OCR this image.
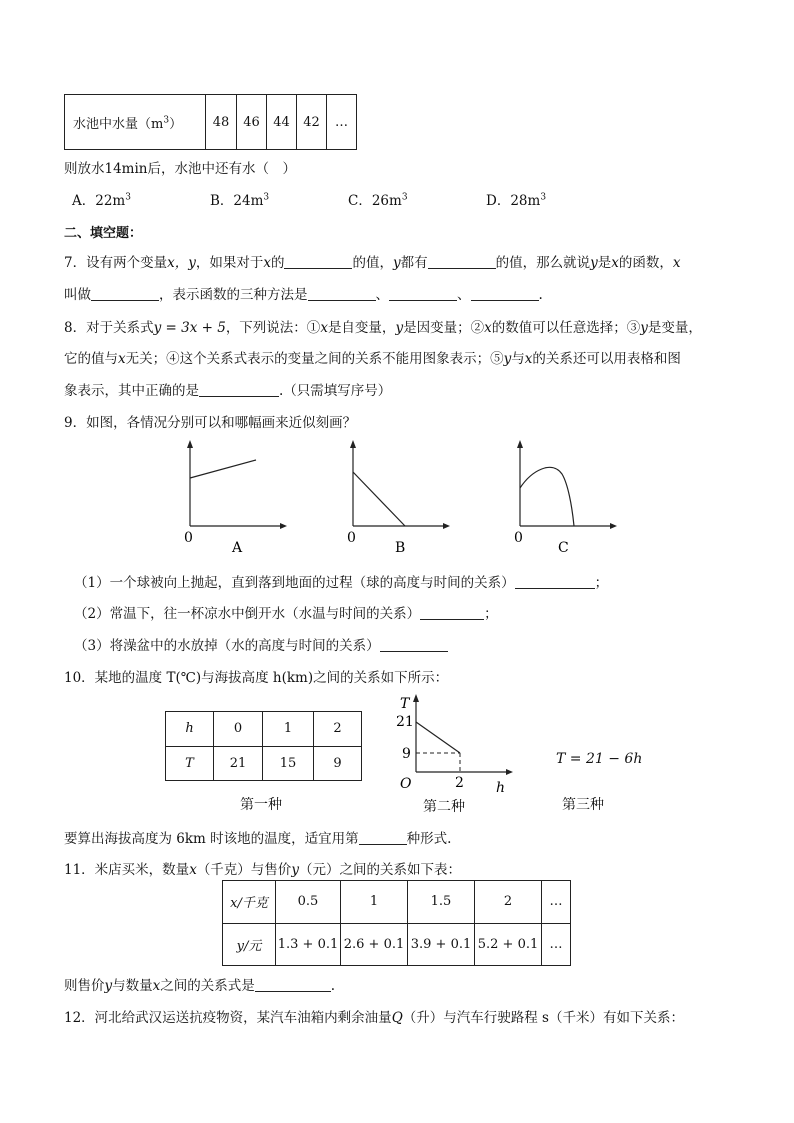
水池中水量$(m^3)$	48	46	44	42	…
则放水14min后，水池中还有水（　）
A．$22m^3$	B．$24m^3$	C．$26m^3$	D．$28m^3$
二、填空题：
7．设有两个变量x，y，如果对于x的	的值，y都有	的值，那么就说y是x的函数，x
叫做	，表示函数的三种方法是	、	、	.
8．对于关系式y = 3x + 5，下列说法：①x是自变量，y是因变量；②x的数值可以任意选择；③y是变量，
它的值与x无关；④这个关系式表示的变量之间的关系不能用图象表示；⑤y与x的关系还可以用表格和图
象表示，其中正确的是	.（只需填写序号）
9．如图，各情况分别可以和哪幅画来近似刻画？
0
A
0
B
0
C
（1）一个球被向上抛起，直到落到地面的过程（球的高度与时间的关系）	；
（2）常温下，往一杯凉水中倒开水（水温与时间的关系）	；
（3）将澡盆中的水放掉（水的高度与时间的关系）
10．某地的温度 T(℃)与海拔高度 h(km)之间的关系如下所示：
h	0	1	2
T	21	15	9
第一种
T
21
9
O	2 h
第二种
T = 21 − 6h
第三种
要算出海拔高度为 6km 时该地的温度，适宜用第	种形式.
11．米店买米，数量x（千克）与售价y（元）之间的关系如下表：
x/千克	0.5	1	1.5	2	…
y/元	1.3 + 0.1	2.6 + 0.1	3.9 + 0.1	5.2 + 0.1	…
则售价y与数量x之间的关系式是	.
12．河北给武汉运送抗疫物资，某汽车油箱内剩余油量Q（升）与汽车行驶路程 s（千米）有如下关系：
